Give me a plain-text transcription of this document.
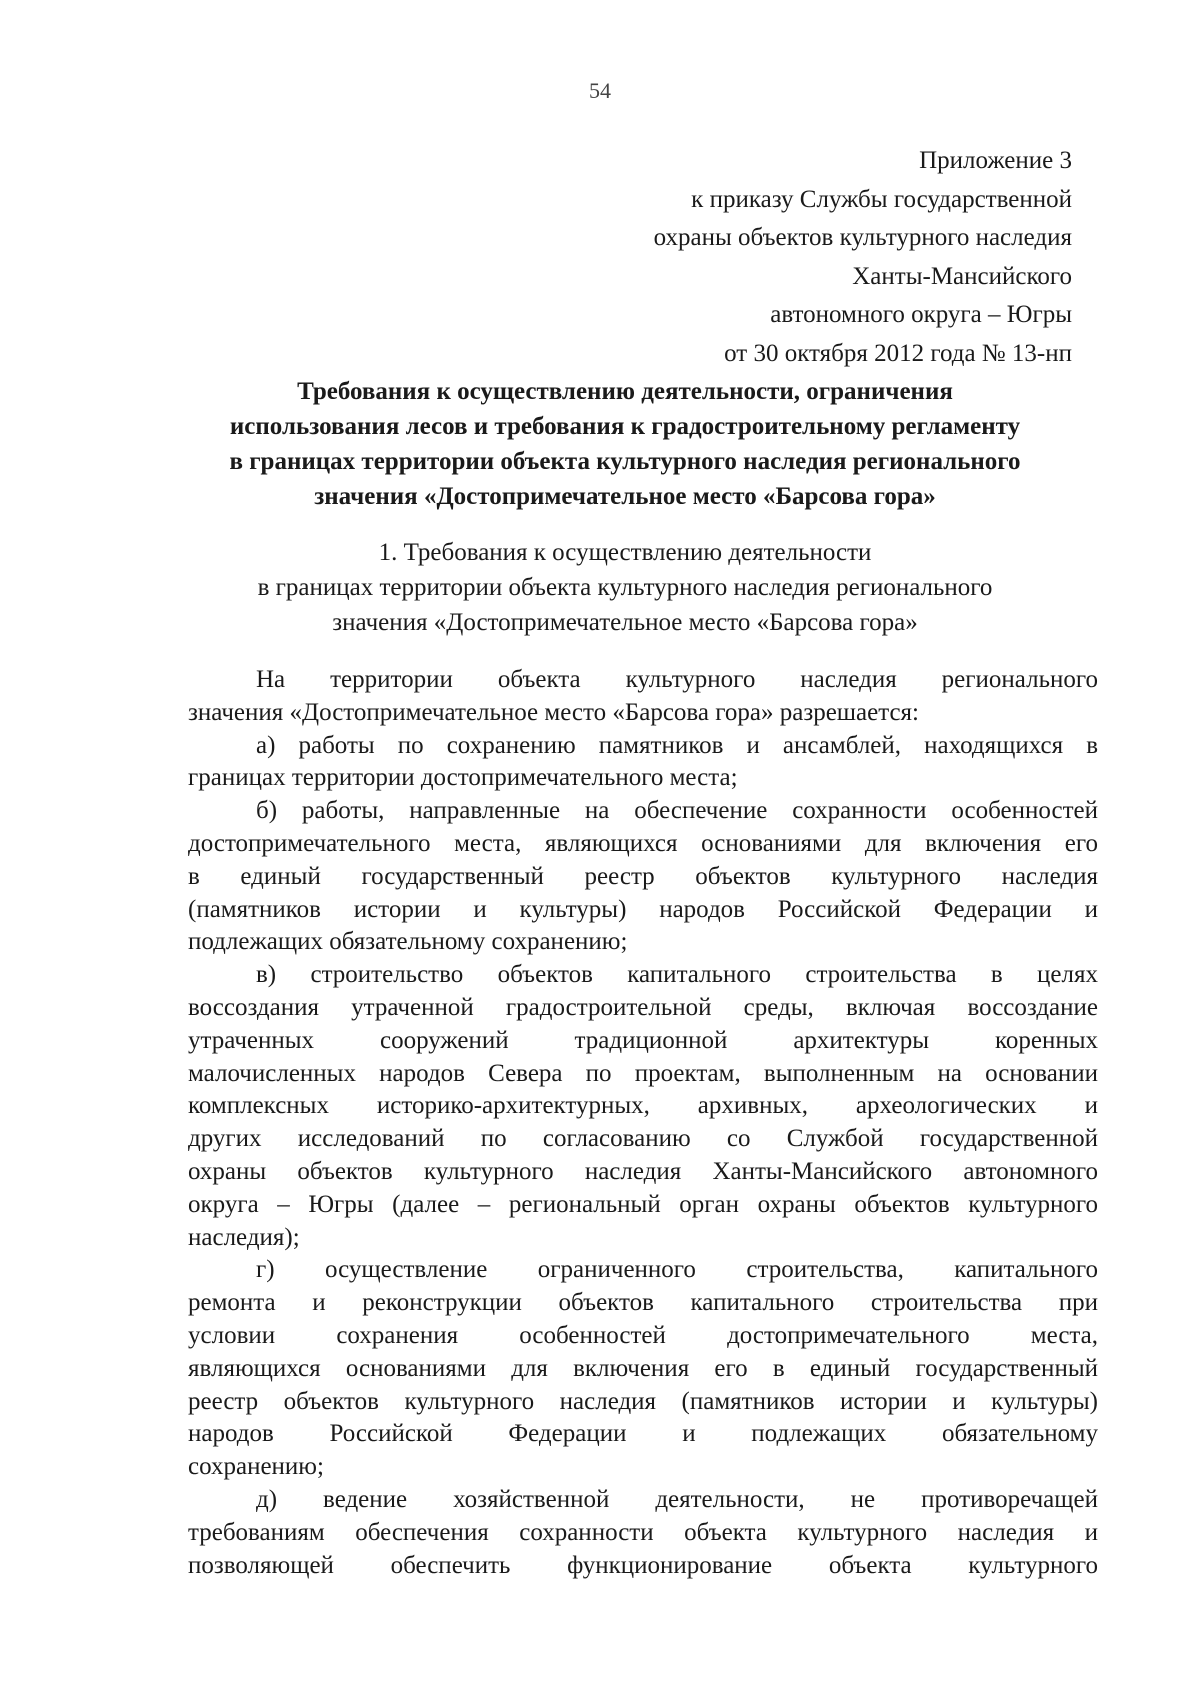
54
Приложение 3
к приказу Службы государственной
охраны объектов культурного наследия
Ханты-Мансийского
автономного округа – Югры
от 30 октября 2012 года № 13-нп
Требования к осуществлению деятельности, ограничения
использования лесов и требования к градостроительному регламенту
в границах территории объекта культурного наследия регионального
значения «Достопримечательное место «Барсова гора»
1. Требования к осуществлению деятельности
в границах территории объекта культурного наследия регионального
значения «Достопримечательное место «Барсова гора»
На территории объекта культурного наследия регионального
значения «Достопримечательное место «Барсова гора» разрешается:
а) работы по сохранению памятников и ансамблей, находящихся в
границах территории достопримечательного места;
б) работы, направленные на обеспечение сохранности особенностей
достопримечательного места, являющихся основаниями для включения его
в единый государственный реестр объектов культурного наследия
(памятников истории и культуры) народов Российской Федерации и
подлежащих обязательному сохранению;
в) строительство объектов капитального строительства в целях
воссоздания утраченной градостроительной среды, включая воссоздание
утраченных сооружений традиционной архитектуры коренных
малочисленных народов Севера по проектам, выполненным на основании
комплексных историко-архитектурных, архивных, археологических и
других исследований по согласованию со Службой государственной
охраны объектов культурного наследия Ханты-Мансийского автономного
округа – Югры (далее – региональный орган охраны объектов культурного
наследия);
г) осуществление ограниченного строительства, капитального
ремонта и реконструкции объектов капитального строительства при
условии сохранения особенностей достопримечательного места,
являющихся основаниями для включения его в единый государственный
реестр объектов культурного наследия (памятников истории и культуры)
народов Российской Федерации и подлежащих обязательному
сохранению;
д) ведение хозяйственной деятельности, не противоречащей
требованиям обеспечения сохранности объекта культурного наследия и
позволяющей обеспечить функционирование объекта культурного
